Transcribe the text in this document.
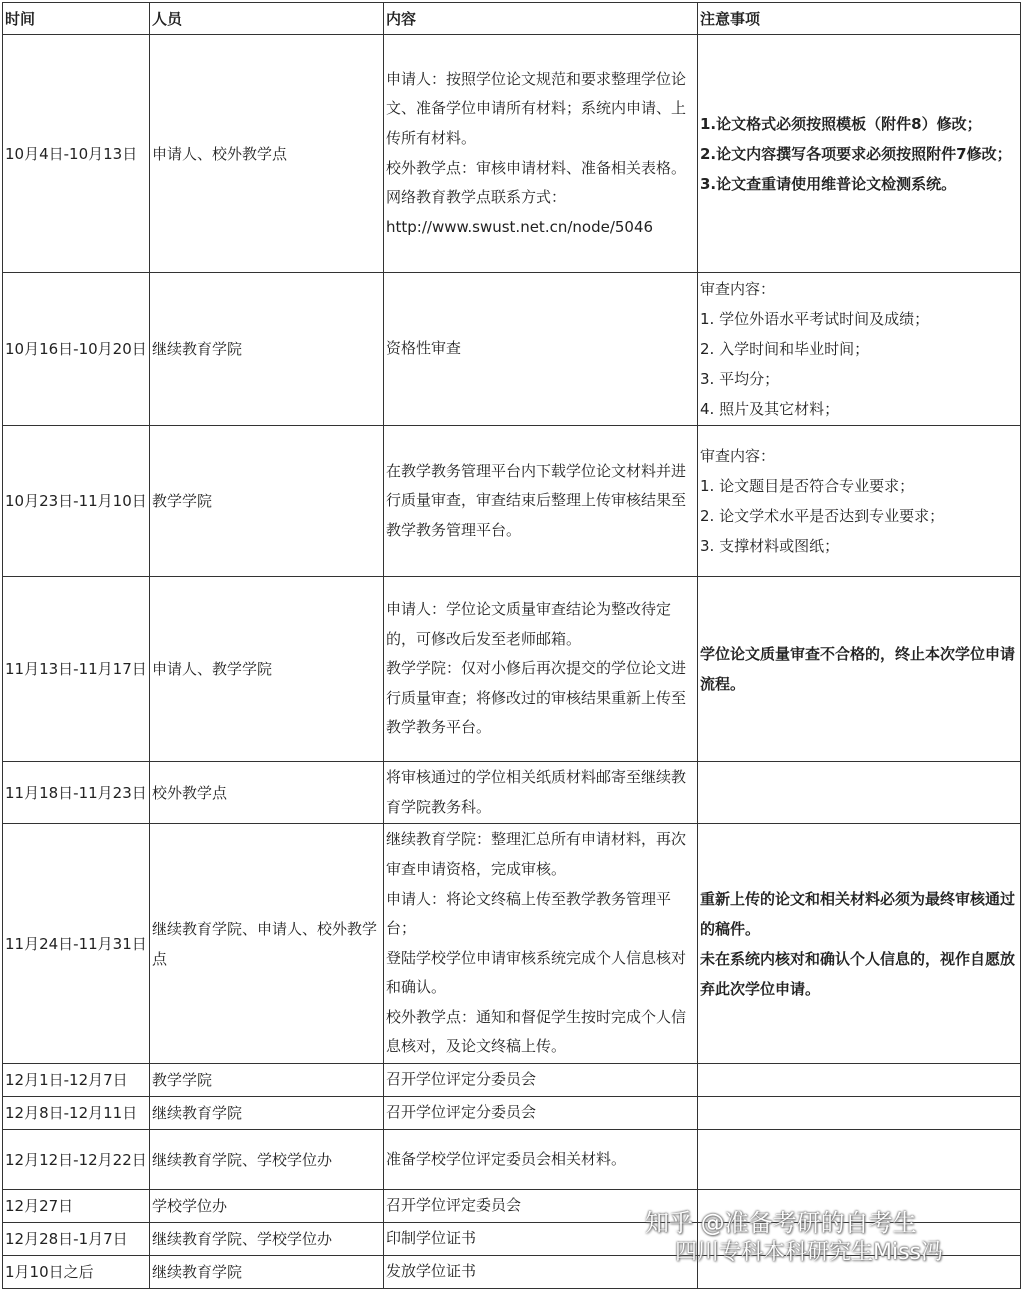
时间	人员	内容	注意事项
10月4日-10月13日	申请人、校外教学点	申请人：按照学位论文规范和要求整理学位论文、准备学位申请所有材料；系统内申请、上传所有材料。
校外教学点：审核申请材料、准备相关表格。
网络教育教学点联系方式：
http://www.swust.net.cn/node/5046	1.论文格式必须按照模板（附件8）修改；
2.论文内容撰写各项要求必须按照附件7修改；
3.论文查重请使用维普论文检测系统。

10月16日-10月20日	继续教育学院	资格性审查	审查内容：
1. 学位外语水平考试时间及成绩；
2. 入学时间和毕业时间；
3. 平均分；
4. 照片及其它材料；

10月23日-11月10日	教学学院	在教学教务管理平台内下载学位论文材料并进行质量审查，审查结束后整理上传审核结果至教学教务管理平台。	审查内容：
1. 论文题目是否符合专业要求；
2. 论文学术水平是否达到专业要求；
3. 支撑材料或图纸；

11月13日-11月17日	申请人、教学学院	申请人：学位论文质量审查结论为整改待定的，可修改后发至老师邮箱。
教学学院：仅对小修后再次提交的学位论文进行质量审查；将修改过的审核结果重新上传至教学教务平台。	学位论文质量审查不合格的，终止本次学位申请流程。

11月18日-11月23日	校外教学点	将审核通过的学位相关纸质材料邮寄至继续教育学院教务科。	

11月24日-11月31日	继续教育学院、申请人、校外教学点	继续教育学院：整理汇总所有申请材料，再次审查申请资格，完成审核。
申请人：将论文终稿上传至教学教务管理平台；
登陆学校学位申请审核系统完成个人信息核对和确认。
校外教学点：通知和督促学生按时完成个人信息核对，及论文终稿上传。	重新上传的论文和相关材料必须为最终审核通过的稿件。
未在系统内核对和确认个人信息的，视作自愿放弃此次学位申请。

12月1日-12月7日	教学学院	召开学位评定分委员会	

12月8日-12月11日	继续教育学院	召开学位评定分委员会	

12月12日-12月22日	继续教育学院、学校学位办	准备学校学位评定委员会相关材料。	

12月27日	学校学位办	召开学位评定委员会	

12月28日-1月7日	继续教育学院、学校学位办	印制学位证书	

1月10日之后	继续教育学院	发放学位证书	

知乎 @准备考研的自考生
四川专科本科研究生Miss冯
